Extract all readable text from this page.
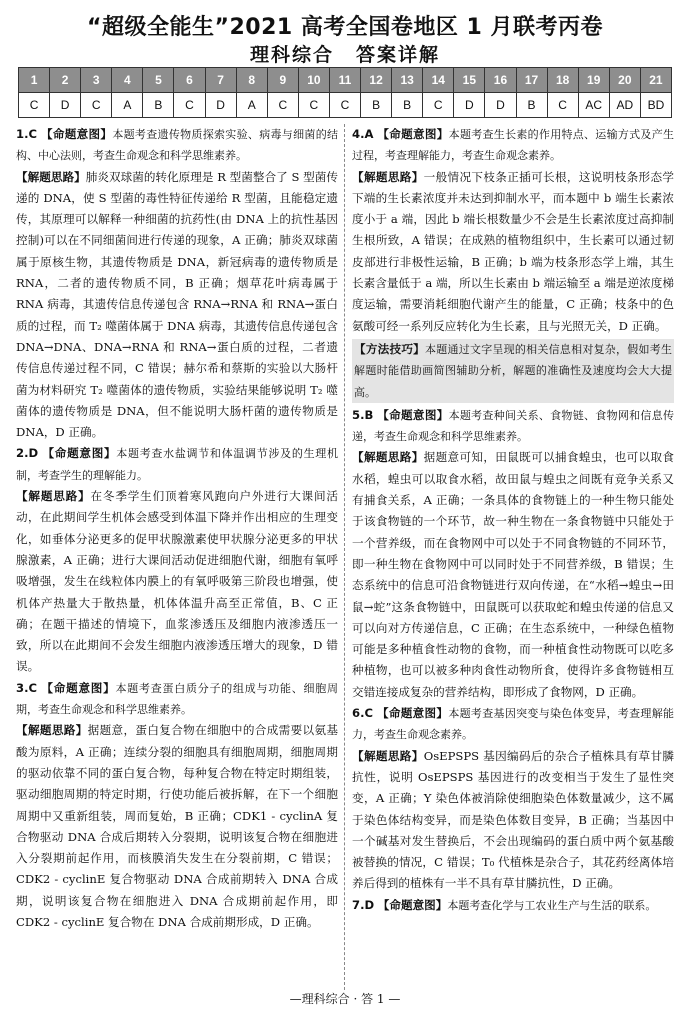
“超级全能生”2021 高考全国卷地区 1 月联考丙卷
理科综合 答案详解
1	2	3	4	5	6	7	8	9	10	11	12	13	14	15	16	17	18	19	20	21
C	D	C	A	B	C	D	A	C	C	C	B	B	C	D	D	B	C	AC	AD	BD

1.C 【命题意图】本题考查遗传物质探索实验、病毒与细菌的结构、中心法则，考查生命观念和科学思维素养。

【解题思路】肺炎双球菌的转化原理是 R 型菌整合了 S 型菌传递的 DNA，使 S 型菌的毒性特征传递给 R 型菌，且能稳定遗传，其原理可以解释一种细菌的抗药性(由 DNA 上的抗性基因控制)可以在不同细菌间进行传递的现象，A 正确；肺炎双球菌属于原核生物，其遗传物质是 DNA，新冠病毒的遗传物质是 RNA，二者的遗传物质不同，B 正确；烟草花叶病毒属于 RNA 病毒，其遗传信息传递包含 RNA→RNA 和 RNA→蛋白质的过程，而 T₂ 噬菌体属于 DNA 病毒，其遗传信息传递包含 DNA→DNA、DNA→RNA 和 RNA→蛋白质的过程，二者遗传信息传递过程不同，C 错误；赫尔希和蔡斯的实验以大肠杆菌为材料研究 T₂ 噬菌体的遗传物质，实验结果能够说明 T₂ 噬菌体的遗传物质是 DNA，但不能说明大肠杆菌的遗传物质是 DNA，D 正确。

2.D 【命题意图】本题考查水盐调节和体温调节涉及的生理机制，考查学生的理解能力。

【解题思路】在冬季学生们顶着寒风跑向户外进行大课间活动，在此期间学生机体会感受到体温下降并作出相应的生理变化，如垂体分泌更多的促甲状腺激素使甲状腺分泌更多的甲状腺激素，A 正确；进行大课间活动促进细胞代谢，细胞有氧呼吸增强，发生在线粒体内膜上的有氧呼吸第三阶段也增强，使机体产热量大于散热量，机体体温升高至正常值，B、C 正确；在题干描述的情境下，血浆渗透压及细胞内液渗透压一致，所以在此期间不会发生细胞内液渗透压增大的现象，D 错误。

3.C 【命题意图】本题考查蛋白质分子的组成与功能、细胞周期，考查生命观念和科学思维素养。

【解题思路】据题意，蛋白复合物在细胞中的合成需要以氨基酸为原料，A 正确；连续分裂的细胞具有细胞周期，细胞周期的驱动依靠不同的蛋白复合物，每种复合物在特定时期组装，驱动细胞周期的特定时期，行使功能后被拆解，在下一个细胞周期中又重新组装，周而复始，B 正确；CDK1 - cyclinA 复合物驱动 DNA 合成后期转入分裂期，说明该复合物在细胞进入分裂期前起作用，而核膜消失发生在分裂前期，C 错误；CDK2 - cyclinE 复合物驱动 DNA 合成前期转入 DNA 合成期，说明该复合物在细胞进入 DNA 合成期前起作用，即 CDK2 - cyclinE 复合物在 DNA 合成前期形成，D 正确。

4.A 【命题意图】本题考查生长素的作用特点、运输方式及产生过程，考查理解能力，考查生命观念素养。

【解题思路】一般情况下枝条正插可长根，这说明枝条形态学下端的生长素浓度并未达到抑制水平，而本题中 b 端生长素浓度小于 a 端，因此 b 端长根数量少不会是生长素浓度过高抑制生根所致，A 错误；在成熟的植物组织中，生长素可以通过韧皮部进行非极性运输，B 正确；b 端为枝条形态学上端，其生长素含量低于 a 端，所以生长素由 b 端运输至 a 端是逆浓度梯度运输，需要消耗细胞代谢产生的能量，C 正确；枝条中的色氨酸可经一系列反应转化为生长素，且与光照无关，D 正确。

【方法技巧】本题通过文字呈现的相关信息相对复杂，假如考生解题时能借助画简图辅助分析，解题的准确性及速度均会大大提高。

5.B 【命题意图】本题考查种间关系、食物链、食物网和信息传递，考查生命观念和科学思维素养。

【解题思路】据题意可知，田鼠既可以捕食蝗虫，也可以取食水稻，蝗虫可以取食水稻，故田鼠与蝗虫之间既有竞争关系又有捕食关系，A 正确；一条具体的食物链上的一种生物只能处于该食物链的一个环节，故一种生物在一条食物链中只能处于一个营养级，而在食物网中可以处于不同食物链的不同环节，即一种生物在食物网中可以同时处于不同营养级，B 错误；生态系统中的信息可沿食物链进行双向传递，在“水稻→蝗虫→田鼠→蛇”这条食物链中，田鼠既可以获取蛇和蝗虫传递的信息又可以向对方传递信息，C 正确；在生态系统中，一种绿色植物可能是多种植食性动物的食物，而一种植食性动物既可以吃多种植物，也可以被多种肉食性动物所食，使得许多食物链相互交错连接成复杂的营养结构，即形成了食物网，D 正确。

6.C 【命题意图】本题考查基因突变与染色体变异，考查理解能力，考查生命观念素养。

【解题思路】OsEPSPS 基因编码后的杂合子植株具有草甘膦抗性，说明 OsEPSPS 基因进行的改变相当于发生了显性突变，A 正确；Y 染色体被消除使细胞染色体数量减少，这不属于染色体结构变异，而是染色体数目变异，B 正确；当基因中一个碱基对发生替换后，不会出现编码的蛋白质中两个氨基酸被替换的情况，C 错误；T₀ 代植株是杂合子，其花药经离体培养后得到的植株有一半不具有草甘膦抗性，D 正确。

7.D 【命题意图】本题考查化学与工农业生产与生活的联系。

—理科综合 · 答 1 —
